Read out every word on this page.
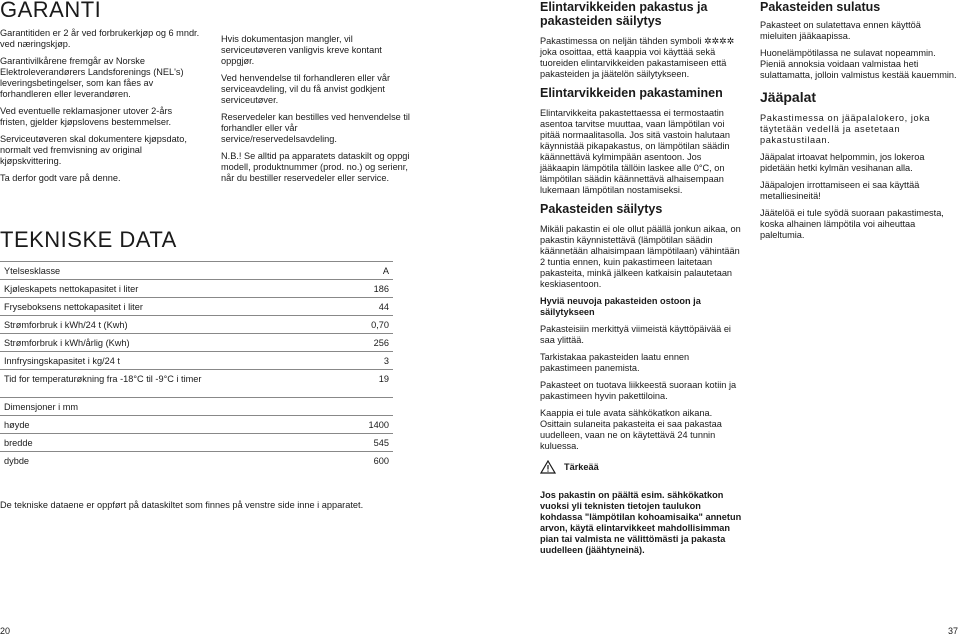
GARANTI

Garantitiden er 2 år ved forbrukerkjøp og 6 mndr. ved næringskjøp.

Garantivilkårene fremgår av Norske Elektroleverandørers Landsforenings (NEL's) leveringsbetingelser, som kan fåes av forhandleren eller leverandøren.

Ved eventuelle reklamasjoner utover 2-års fristen, gjelder kjøpslovens bestemmelser.

Serviceutøveren skal dokumentere kjøpsdato, normalt ved fremvisning av original kjøpskvittering.

Ta derfor godt vare på denne.

TEKNISKE DATA
Ytelsesklasse	A
Kjøleskapets nettokapasitet i liter	186
Fryseboksens nettokapasitet i liter	44
Strømforbruk i kWh/24 t (Kwh)	0,70
Strømforbruk i kWh/årlig (Kwh)	256
Innfrysingskapasitet i kg/24 t	3
Tid for temperaturøkning fra -18°C til -9°C i timer	19
Dimensjoner i mm	
høyde	1400
bredde	545
dybde	600

De tekniske dataene er oppført på dataskiltet som finnes på venstre side inne i apparatet.

Hvis dokumentasjon mangler, vil serviceutøveren vanligvis kreve kontant oppgjør.

Ved henvendelse til forhandleren eller vår serviceavdeling, vil du få anvist godkjent serviceutøver.

Reservedeler kan bestilles ved henvendelse til forhandler eller vår service/reservedelsavdeling.

N.B.! Se alltid pa apparatets dataskilt og oppgi modell, produktnummer (prod. no.) og serienr, når du bestiller reservedeler eller service.

Elintarvikkeiden pakastus ja pakasteiden säilytys

Pakastimessa on neljän tähden symboli ✲✲✲✲ joka osoittaa, että kaappia voi käyttää sekä tuoreiden elintarvikkeiden pakastamiseen että pakasteiden ja jäätelön säilytykseen.

Elintarvikkeiden pakastaminen

Elintarvikkeita pakastettaessa ei termostaatin asentoa tarvitse muuttaa, vaan lämpötilan voi pitää normaalitasolla. Jos sitä vastoin halutaan käynnistää pikapakastus, on lämpötilan säädin käännettävä kylmimpään asentoon. Jos jääkaapin lämpötila tällöin laskee alle 0°C, on lämpötilan säädin käännettävä alhaisempaan lukemaan lämpötilan nostamiseksi.

Pakasteiden säilytys

Mikäli pakastin ei ole ollut päällä jonkun aikaa, on pakastin käynnistettävä (lämpötilan säädin käännetään alhaisimpaan lämpötilaan) vähintään 2 tuntia ennen, kuin pakastimeen laitetaan pakasteita, minkä jälkeen katkaisin palautetaan keskiasentoon.

Hyviä neuvoja pakasteiden ostoon ja säilytykseen

Pakasteisiin merkittyä viimeistä käyttöpäivää ei saa ylittää.

Tarkistakaa pakasteiden laatu ennen pakastimeen panemista.

Pakasteet on tuotava liikkeestä suoraan kotiin ja pakastimeen hyvin pakettiloina.

Kaappia ei tule avata sähkökatkon aikana. Osittain sulaneita pakasteita ei saa pakastaa uudelleen, vaan ne on käytettävä 24 tunnin kuluessa.

Tärkeää

Jos pakastin on päältä esim. sähkökatkon vuoksi yli teknisten tietojen taulukon kohdassa "lämpötilan kohoamisaika" annetun arvon, käytä elintarvikkeet mahdollisimman pian tai valmista ne välittömästi ja pakasta uudelleen (jäähtyneinä).

Pakasteiden sulatus

Pakasteet on sulatettava ennen käyttöä mieluiten jääkaapissa.

Huonelämpötilassa ne sulavat nopeammin. Pieniä annoksia voidaan valmistaa heti sulattamatta, jolloin valmistus kestää kauemmin.

Jääpalat

Pakastimessa on jääpalalokero, joka täytetään vedellä ja asetetaan pakastustilaan.

Jääpalat irtoavat helpommin, jos lokeroa pidetään hetki kylmän vesihanan alla.

Jääpalojen irrottamiseen ei saa käyttää metalliesineitä!

Jäätelöä ei tule syödä suoraan pakastimesta, koska alhainen lämpötila voi aiheuttaa paleltumia.

20	37
